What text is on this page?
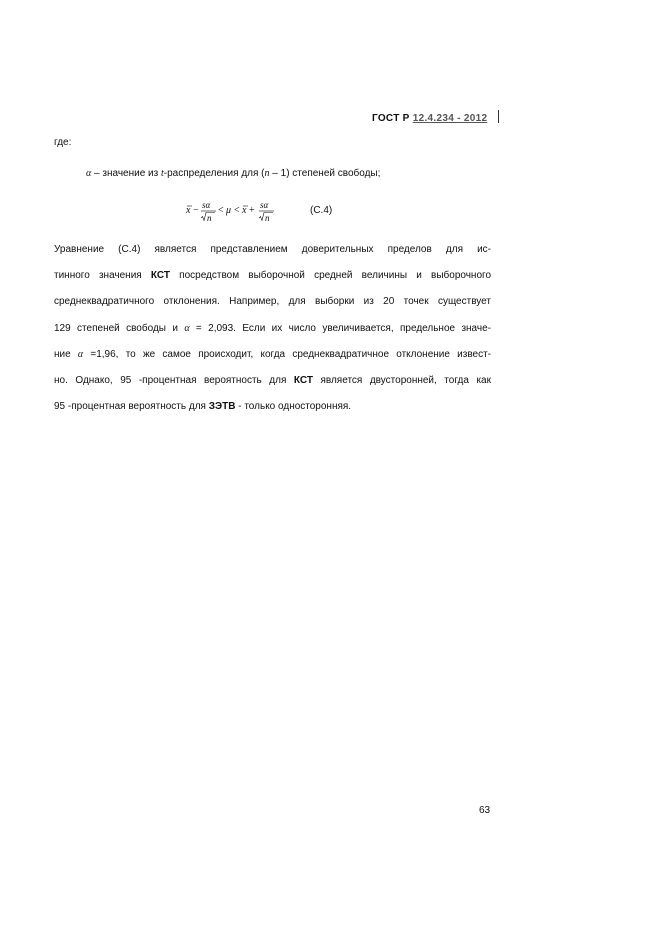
ГОСТ Р 12.4.234 - 2012
где:
α – значение из t-распределения для (n – 1) степеней свободы;
x − sα
n
< μ < x + sα
n
(С.4)
Уравнение (С.4) является представлением доверительных пределов для ис-
тинного значения КСТ посредством выборочной средней величины и выборочного
среднеквадратичного отклонения. Например, для выборки из 20 точек существует
129 степеней свободы и α = 2,093. Если их число увеличивается, предельное значе-
ние α =1,96, то же самое происходит, когда среднеквадратичное отклонение извест-
но. Однако, 95 -процентная вероятность для КСТ является двусторонней, тогда как
95 -процентная вероятность для ЗЭТВ - только односторонняя.
63
